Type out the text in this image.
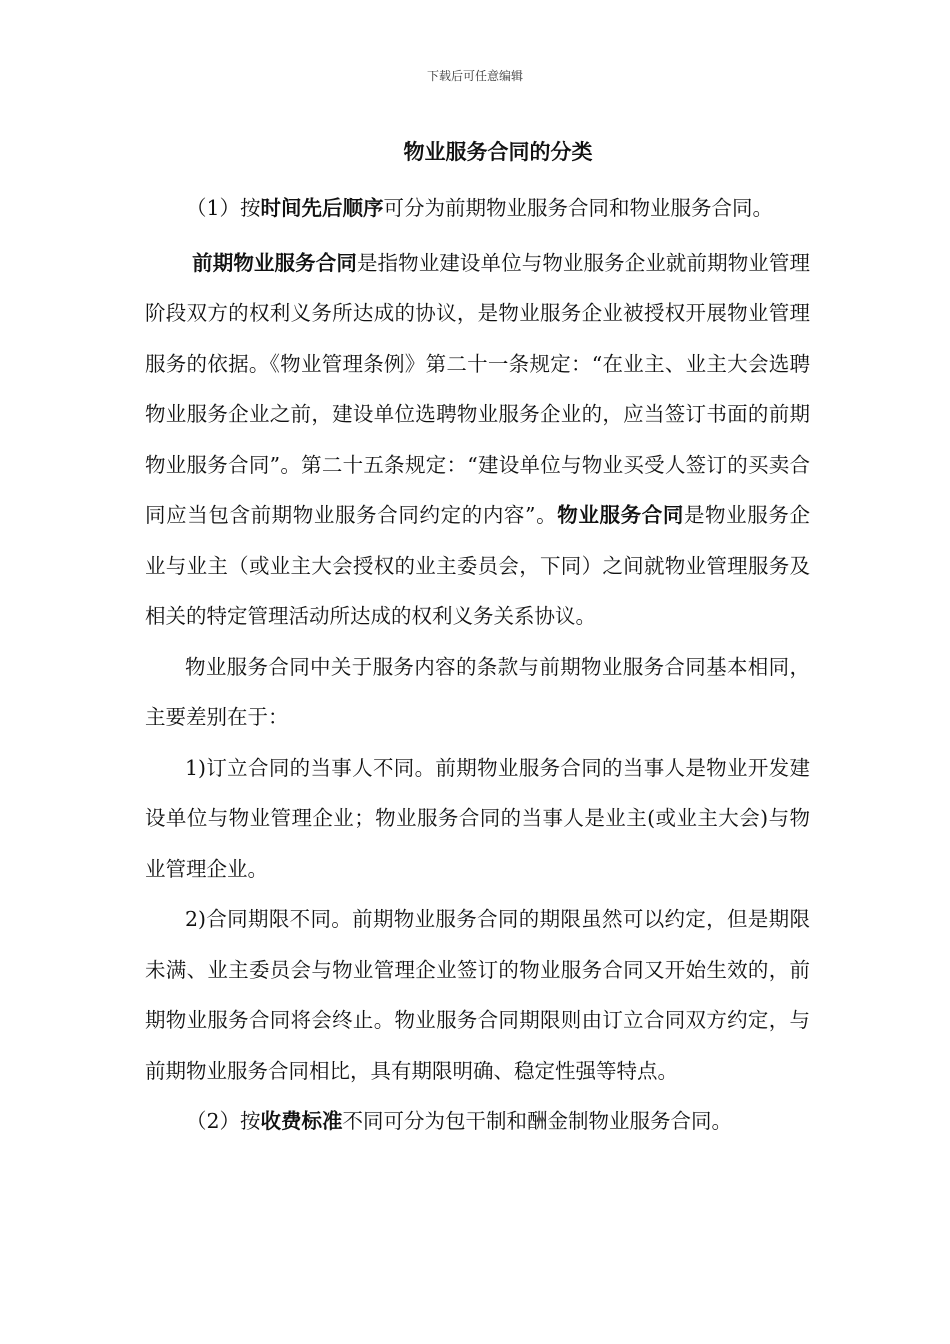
下载后可任意编辑
物业服务合同的分类

（1）按时间先后顺序可分为前期物业服务合同和物业服务合同。

前期物业服务合同是指物业建设单位与物业服务企业就前期物业管理阶段双方的权利义务所达成的协议，是物业服务企业被授权开展物业管理服务的依据。《物业管理条例》第二十一条规定：“在业主、业主大会选聘物业服务企业之前，建设单位选聘物业服务企业的，应当签订书面的前期物业服务合同”。第二十五条规定：“建设单位与物业买受人签订的买卖合同应当包含前期物业服务合同约定的内容”。物业服务合同是物业服务企业与业主（或业主大会授权的业主委员会，下同）之间就物业管理服务及相关的特定管理活动所达成的权利义务关系协议。

物业服务合同中关于服务内容的条款与前期物业服务合同基本相同，主要差别在于：

1)订立合同的当事人不同。前期物业服务合同的当事人是物业开发建设单位与物业管理企业；物业服务合同的当事人是业主(或业主大会)与物业管理企业。

2)合同期限不同。前期物业服务合同的期限虽然可以约定，但是期限未满、业主委员会与物业管理企业签订的物业服务合同又开始生效的，前期物业服务合同将会终止。物业服务合同期限则由订立合同双方约定，与前期物业服务合同相比，具有期限明确、稳定性强等特点。

（2）按收费标准不同可分为包干制和酬金制物业服务合同。
